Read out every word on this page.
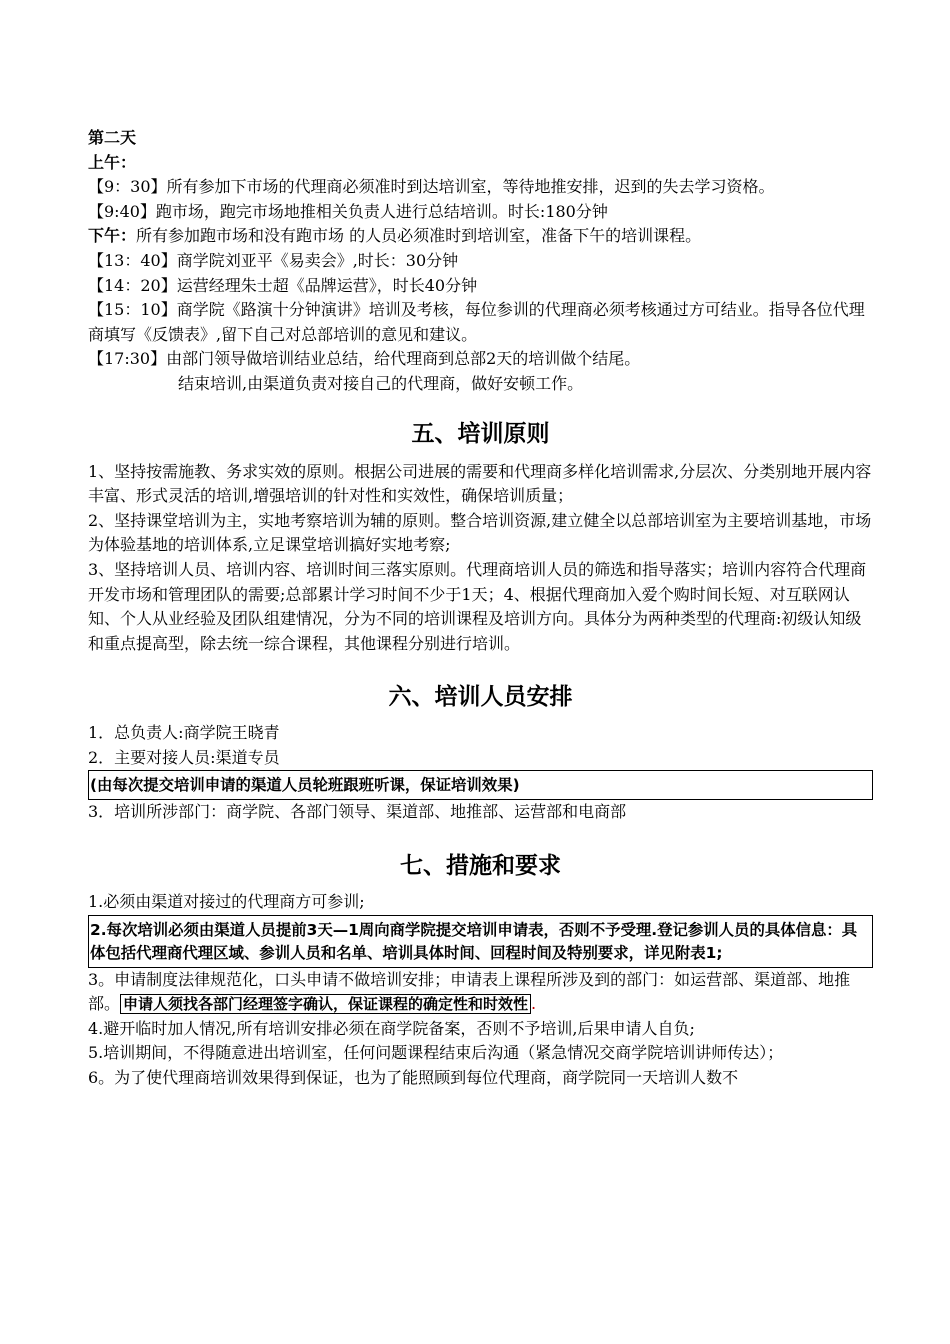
第二天

上午：

【9：30】所有参加下市场的代理商必须准时到达培训室，等待地推安排，迟到的失去学习资格。

【9:40】跑市场，跑完市场地推相关负责人进行总结培训。时长:180分钟

下午：所有参加跑市场和没有跑市场 的人员必须准时到培训室，准备下午的培训课程。

【13：40】商学院刘亚平《易卖会》,时长：30分钟

【14：20】运营经理朱士超《品牌运营》，时长40分钟

【15：10】商学院《路演十分钟演讲》培训及考核，每位参训的代理商必须考核通过方可结业。指导各位代理商填写《反馈表》,留下自己对总部培训的意见和建议。

【17:30】由部门领导做培训结业总结，给代理商到总部2天的培训做个结尾。

结束培训,由渠道负责对接自己的代理商，做好安顿工作。

五、培训原则

1、坚持按需施教、务求实效的原则。根据公司进展的需要和代理商多样化培训需求,分层次、分类别地开展内容丰富、形式灵活的培训,增强培训的针对性和实效性，确保培训质量；

2、坚持课堂培训为主，实地考察培训为辅的原则。整合培训资源,建立健全以总部培训室为主要培训基地，市场为体验基地的培训体系,立足课堂培训搞好实地考察;

3、坚持培训人员、培训内容、培训时间三落实原则。代理商培训人员的筛选和指导落实；培训内容符合代理商开发市场和管理团队的需要;总部累计学习时间不少于1天；4、根据代理商加入爱个购时间长短、对互联网认知、个人从业经验及团队组建情况，分为不同的培训课程及培训方向。具体分为两种类型的代理商:初级认知级和重点提高型，除去统一综合课程，其他课程分别进行培训。

六、培训人员安排

1．总负责人:商学院王晓青

2．主要对接人员:渠道专员

(由每次提交培训申请的渠道人员轮班跟班听课，保证培训效果)

3．培训所涉部门：商学院、各部门领导、渠道部、地推部、运营部和电商部

七、措施和要求

1.必须由渠道对接过的代理商方可参训;

2.每次培训必须由渠道人员提前3天—1周向商学院提交培训申请表，否则不予受理.登记参训人员的具体信息：具体包括代理商代理区域、参训人员和名单、培训具体时间、回程时间及特别要求，详见附表1;

3。申请制度法律规范化，口头申请不做培训安排；申请表上课程所涉及到的部门：如运营部、渠道部、地推部。 申请人须找各部门经理签字确认，保证课程的确定性和时效性 .

4.避开临时加人情况,所有培训安排必须在商学院备案，否则不予培训,后果申请人自负;

5.培训期间，不得随意进出培训室，任何问题课程结束后沟通（紧急情况交商学院培训讲师传达）；

6。为了使代理商培训效果得到保证，也为了能照顾到每位代理商，商学院同一天培训人数不
